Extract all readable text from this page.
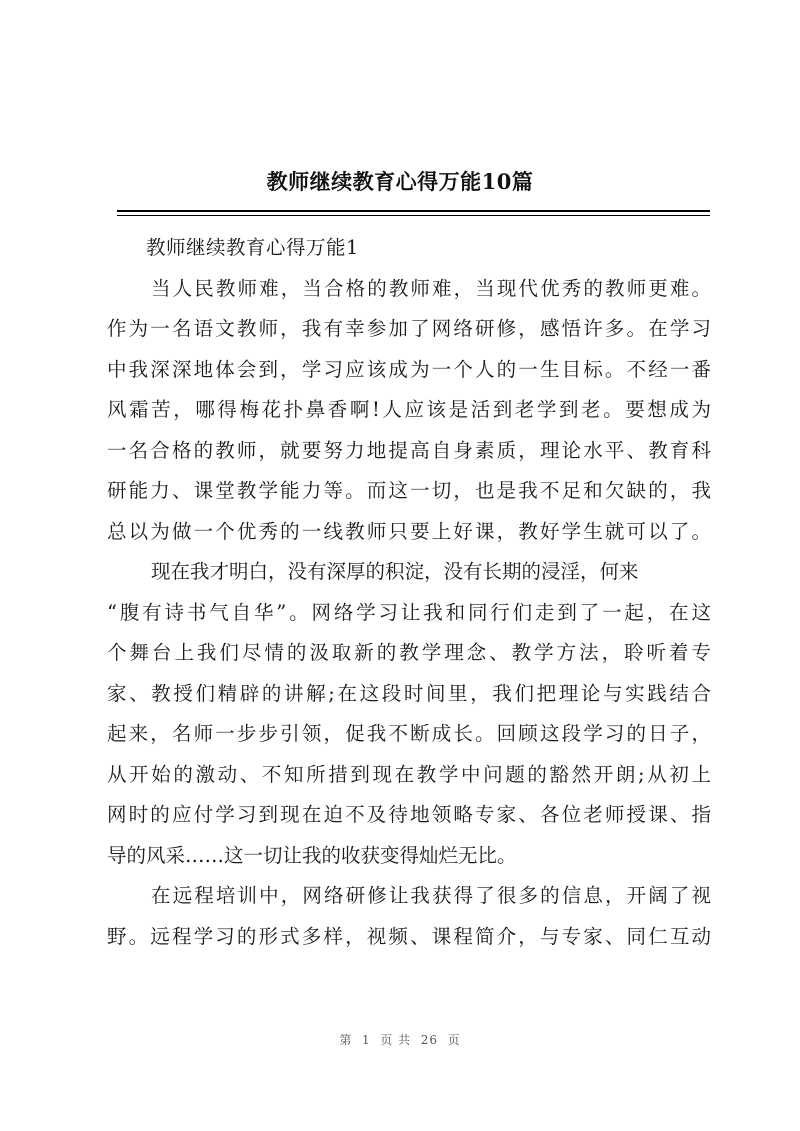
教师继续教育心得万能10篇
教师继续教育心得万能1
当人民教师难，当合格的教师难，当现代优秀的教师更难。
作为一名语文教师，我有幸参加了网络研修，感悟许多。在学习
中我深深地体会到，学习应该成为一个人的一生目标。不经一番
风霜苦，哪得梅花扑鼻香啊!人应该是活到老学到老。要想成为
一名合格的教师，就要努力地提高自身素质，理论水平、教育科
研能力、课堂教学能力等。而这一切，也是我不足和欠缺的，我
总以为做一个优秀的一线教师只要上好课，教好学生就可以了。
现在我才明白，没有深厚的积淀，没有长期的浸淫，何来
“腹有诗书气自华”。网络学习让我和同行们走到了一起，在这
个舞台上我们尽情的汲取新的教学理念、教学方法，聆听着专
家、教授们精辟的讲解;在这段时间里，我们把理论与实践结合
起来，名师一步步引领，促我不断成长。回顾这段学习的日子，
从开始的激动、不知所措到现在教学中问题的豁然开朗;从初上
网时的应付学习到现在迫不及待地领略专家、各位老师授课、指
导的风采……这一切让我的收获变得灿烂无比。
在远程培训中，网络研修让我获得了很多的信息，开阔了视
野。远程学习的形式多样，视频、课程简介，与专家、同仁互动
第  1  页 共  26  页
